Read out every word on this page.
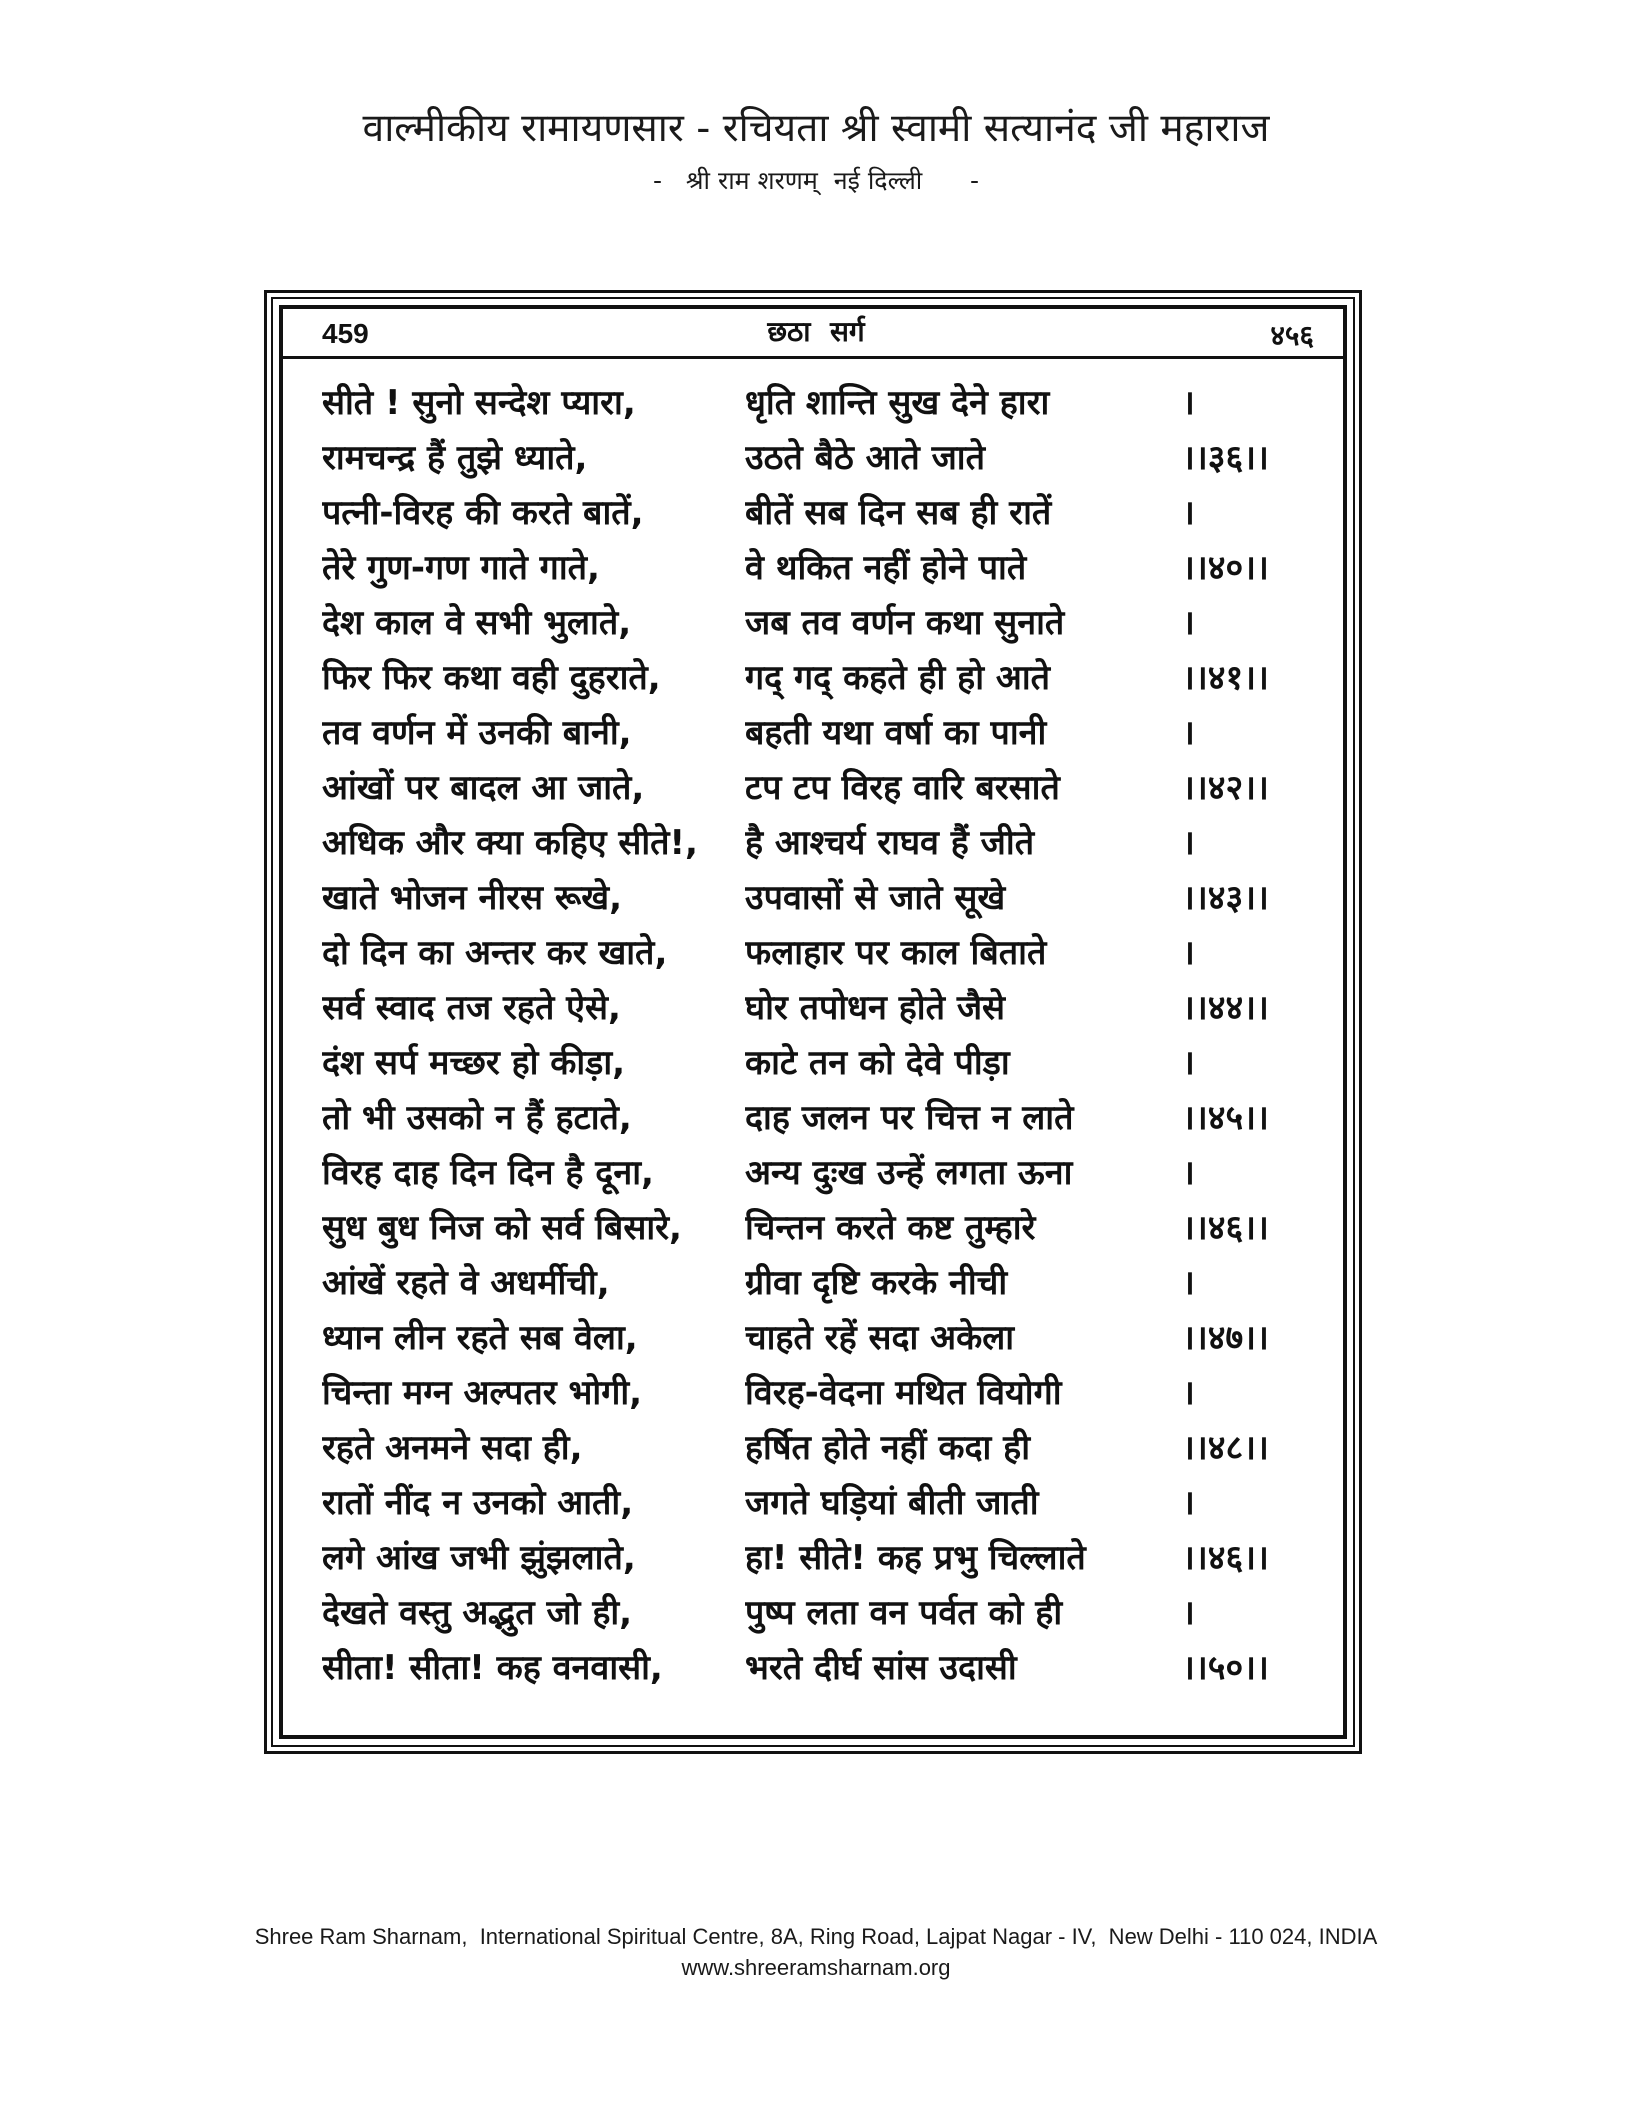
वाल्मीकीय रामायणसार - रचियता श्री स्वामी सत्यानंद जी महाराज
-   श्री राम शरणम्  नई दिल्ली      -
459	छठा  सर्ग	४५६
सीते ! सुनो सन्देश प्यारा,	धृति शान्ति सुख देने हारा	।
रामचन्द्र हैं तुझे ध्याते,	उठते बैठे आते जाते	।।३६।।
पत्नी-विरह की करते बातें,	बीतें सब दिन सब ही रातें	।
तेरे गुण-गण गाते गाते,	वे थकित नहीं होने पाते	।।४०।।
देश काल वे सभी भुलाते,	जब तव वर्णन कथा सुनाते	।
फिर फिर कथा वही दुहराते,	गद् गद् कहते ही हो आते	।।४१।।
तव वर्णन में उनकी बानी,	बहती यथा वर्षा का पानी	।
आंखों पर बादल आ जाते,	टप टप विरह वारि बरसाते	।।४२।।
अधिक और क्या कहिए सीते!,	है आश्चर्य राघव हैं जीते	।
खाते भोजन नीरस रूखे,	उपवासों से जाते सूखे	।।४३।।
दो दिन का अन्तर कर खाते,	फलाहार पर काल बिताते	।
सर्व स्वाद तज रहते ऐसे,	घोर तपोधन होते जैसे	।।४४।।
दंश सर्प मच्छर हो कीड़ा,	काटे तन को देवे पीड़ा	।
तो भी उसको न हैं हटाते,	दाह जलन पर चित्त न लाते	।।४५।।
विरह दाह दिन दिन है दूना,	अन्य दुःख उन्हें लगता ऊना	।
सुध बुध निज को सर्व बिसारे,	चिन्तन करते कष्ट तुम्हारे	।।४६।।
आंखें रहते वे अधर्मीची,	ग्रीवा दृष्टि करके नीची	।
ध्यान लीन रहते सब वेला,	चाहते रहें सदा अकेला	।।४७।।
चिन्ता मग्न अल्पतर भोगी,	विरह-वेदना मथित वियोगी	।
रहते अनमने सदा ही,	हर्षित होते नहीं कदा ही	।।४८।।
रातों नींद न उनको आती,	जगते घड़ियां बीती जाती	।
लगे आंख जभी झुंझलाते,	हा! सीते! कह प्रभु चिल्लाते	।।४६।।
देखते वस्तु अद्भुत जो ही,	पुष्प लता वन पर्वत को ही	।
सीता! सीता! कह वनवासी,	भरते दीर्घ सांस उदासी	।।५०।।
Shree Ram Sharnam,  International Spiritual Centre, 8A, Ring Road, Lajpat Nagar - IV,  New Delhi - 110 024, INDIA
www.shreeramsharnam.org
